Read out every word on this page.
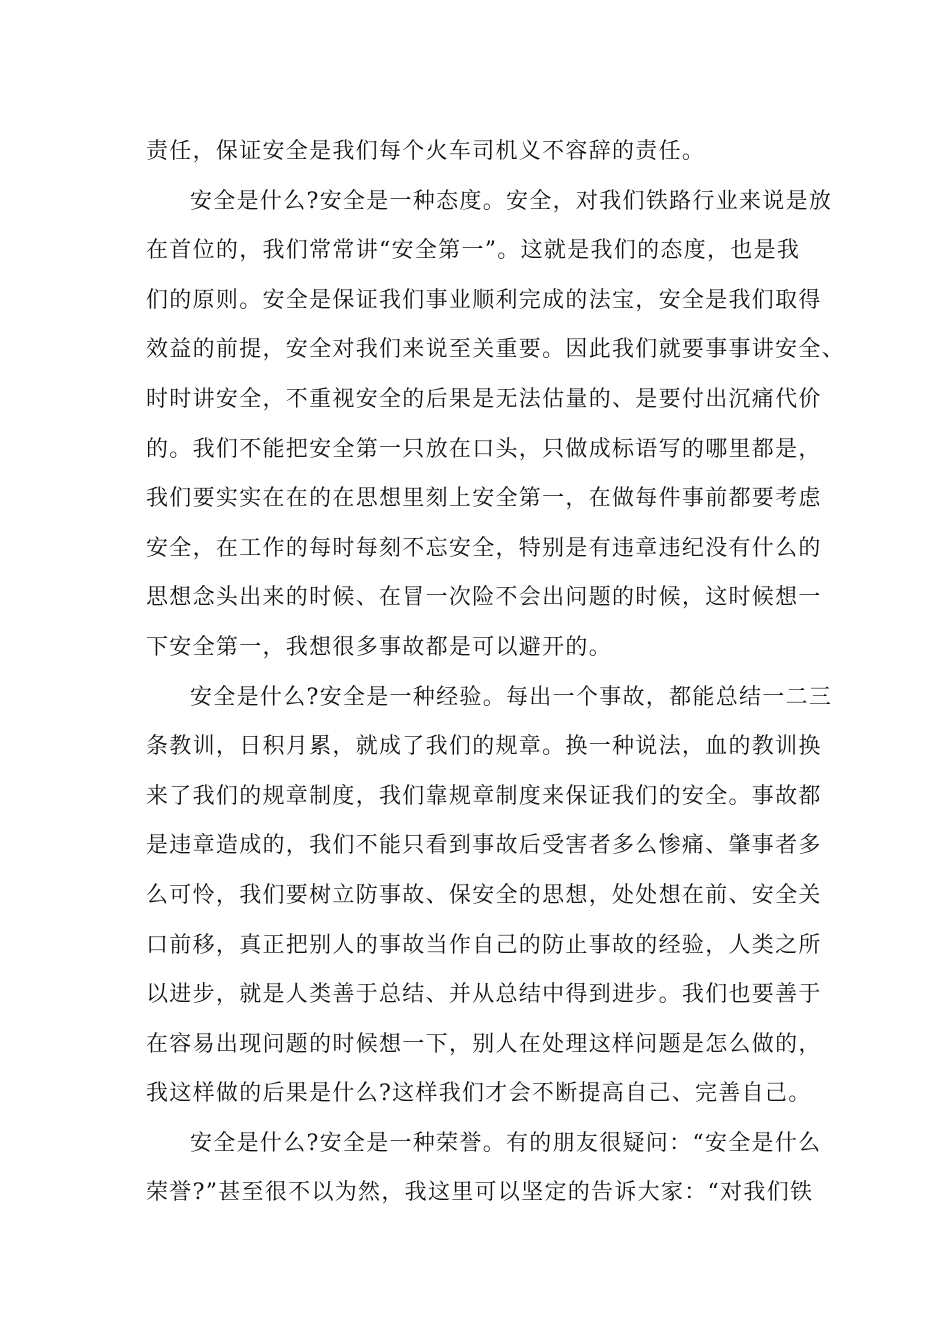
责任，保证安全是我们每个火车司机义不容辞的责任。
安全是什么?安全是一种态度。安全，对我们铁路行业来说是放
在首位的，我们常常讲“安全第一”。这就是我们的态度，也是我
们的原则。安全是保证我们事业顺利完成的法宝，安全是我们取得
效益的前提，安全对我们来说至关重要。因此我们就要事事讲安全、
时时讲安全，不重视安全的后果是无法估量的、是要付出沉痛代价
的。我们不能把安全第一只放在口头，只做成标语写的哪里都是，
我们要实实在在的在思想里刻上安全第一，在做每件事前都要考虑
安全，在工作的每时每刻不忘安全，特别是有违章违纪没有什么的
思想念头出来的时候、在冒一次险不会出问题的时候，这时候想一
下安全第一，我想很多事故都是可以避开的。
安全是什么?安全是一种经验。每出一个事故，都能总结一二三
条教训，日积月累，就成了我们的规章。换一种说法，血的教训换
来了我们的规章制度，我们靠规章制度来保证我们的安全。事故都
是违章造成的，我们不能只看到事故后受害者多么惨痛、肇事者多
么可怜，我们要树立防事故、保安全的思想，处处想在前、安全关
口前移，真正把别人的事故当作自己的防止事故的经验，人类之所
以进步，就是人类善于总结、并从总结中得到进步。我们也要善于
在容易出现问题的时候想一下，别人在处理这样问题是怎么做的，
我这样做的后果是什么?这样我们才会不断提高自己、完善自己。
安全是什么?安全是一种荣誉。有的朋友很疑问：“安全是什么
荣誉?”甚至很不以为然，我这里可以坚定的告诉大家：“对我们铁
